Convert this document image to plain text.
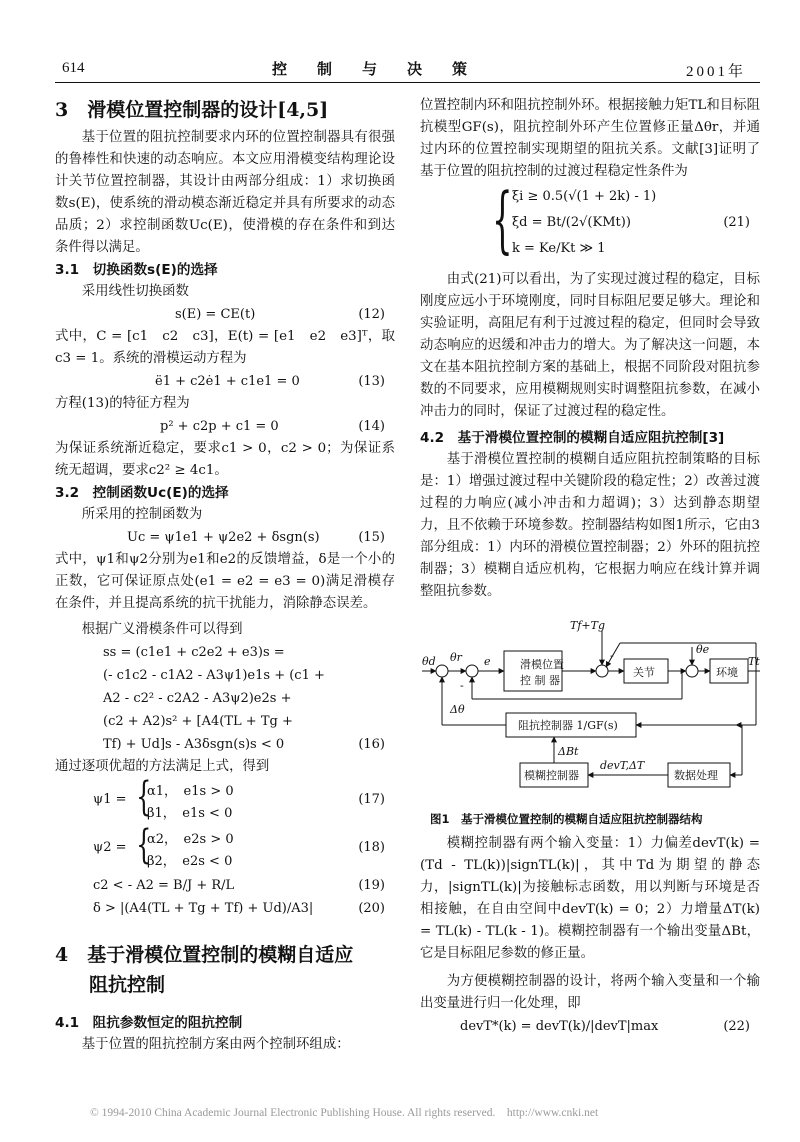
614	控　　制　　与　　决　　策	2001年
3　滑模位置控制器的设计[4,5]
基于位置的阻抗控制要求内环的位置控制器具有很强的鲁棒性和快速的动态响应。本文应用滑模变结构理论设计关节位置控制器，其设计由两部分组成：1）求切换函数s(E)，使系统的滑动模态渐近稳定并具有所要求的动态品质；2）求控制函数Uc(E)，使滑模的存在条件和到达条件得以满足。
3.1　切换函数s(E)的选择
采用线性切换函数
s(E) = CE(t)	(12)
式中，C = [c1　c2　c3]，E(t) = [e1　e2　e3]ᵀ，取c3 = 1。系统的滑模运动方程为
ë1 + c2ė1 + c1e1 = 0	(13)
方程(13)的特征方程为
p² + c2p + c1 = 0	(14)
为保证系统渐近稳定，要求c1 > 0，c2 > 0；为保证系统无超调，要求c2² ≥ 4c1。
3.2　控制函数Uc(E)的选择
所采用的控制函数为
Uc = ψ1e1 + ψ2e2 + δsgn(s)	(15)
式中，ψ1和ψ2分别为e1和e2的反馈增益，δ是一个小的正数，它可保证原点处(e1 = e2 = e3 = 0)满足滑模存在条件，并且提高系统的抗干扰能力，消除静态误差。
根据广义滑模条件可以得到
ss = (c1e1 + c2e2 + e3)s =
(- c1c2 - c1A2 - A3ψ1)e1s + (c1 +
A2 - c2² - c2A2 - A3ψ2)e2s +
(c2 + A2)s² + [A4(TL + Tg +
Tf) + Ud]s - A3δsgn(s)s < 0	(16)
通过逐项优超的方法满足上式，得到
ψ1 = {
α1，　e1s > 0
β1，　e1s < 0
(17)
ψ2 = {
α2，　e2s > 0
β2，　e2s < 0
(18)
c2 < - A2 = B/J + R/L	(19)
δ > |(A4(TL + Tg + Tf) + Ud)/A3|	(20)
4　基于滑模位置控制的模糊自适应
阻抗控制
4.1　阻抗参数恒定的阻抗控制
基于位置的阻抗控制方案由两个控制环组成：
位置控制内环和阻抗控制外环。根据接触力矩TL和目标阻抗模型GF(s)，阻抗控制外环产生位置修正量Δθr，并通过内环的位置控制实现期望的阻抗关系。文献[3]证明了基于位置的阻抗控制的过渡过程稳定性条件为
{ ξi ≥ 0.5(√(1 + 2k) - 1)
ξd = Bt/(2√(KMt))
k = Ke/Kt ≫ 1
(21)
由式(21)可以看出，为了实现过渡过程的稳定，目标刚度应远小于环境刚度，同时目标阻尼要足够大。理论和实验证明，高阻尼有利于过渡过程的稳定，但同时会导致动态响应的迟缓和冲击力的增大。为了解决这一问题，本文在基本阻抗控制方案的基础上，根据不同阶段对阻抗参数的不同要求，应用模糊规则实时调整阻抗参数，在减小冲击力的同时，保证了过渡过程的稳定性。
4.2　基于滑模位置控制的模糊自适应阻抗控制[3]
基于滑模位置控制的模糊自适应阻抗控制策略的目标是：1）增强过渡过程中关键阶段的稳定性；2）改善过渡过程的力响应(减小冲击和力超调)；3）达到静态期望力，且不依赖于环境参数。控制器结构如图1所示，它由3部分组成：1）内环的滑模位置控制器；2）外环的阻抗控制器；3）模糊自适应机构，它根据力响应在线计算并调整阻抗参数。
滑模位置
控 制 器
关节	环境
阻抗控制器 1/GF(s)
模糊控制器	数据处理
θd θr e
Tf+Tg
θe
Tt
Δθ
ΔBt
devT,ΔT
-
-
图1　基于滑模位置控制的模糊自适应阻抗控制器结构
模糊控制器有两个输入变量：1）力偏差devT(k) = (Td - TL(k))|signTL(k)|，其中Td为期望的静态力，|signTL(k)|为接触标志函数，用以判断与环境是否相接触，在自由空间中devT(k) = 0；2）力增量ΔT(k) = TL(k) - TL(k - 1)。模糊控制器有一个输出变量ΔBt，它是目标阻尼参数的修正量。
为方便模糊控制器的设计，将两个输入变量和一个输出变量进行归一化处理，即
devT*(k) = devT(k)/|devT|max	(22)
© 1994-2010 China Academic Journal Electronic Publishing House. All rights reserved.　http://www.cnki.net
